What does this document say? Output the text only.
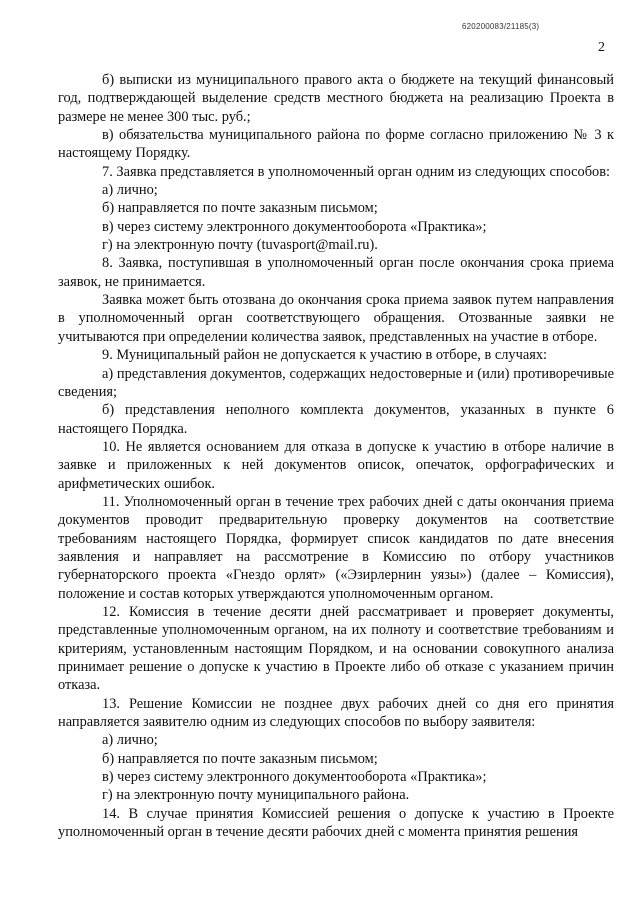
620200083/21185(3)
2

б) выписки из муниципального правого акта о бюджете на текущий финансовый год, подтверждающей выделение средств местного бюджета на реализацию Проекта в размере не менее 300 тыс. руб.;

в) обязательства муниципального района по форме согласно приложению № 3 к настоящему Порядку.

7. Заявка представляется в уполномоченный орган одним из следующих способов:

а) лично;

б) направляется по почте заказным письмом;

в) через систему электронного документооборота «Практика»;

г) на электронную почту (tuvasport@mail.ru).

8. Заявка, поступившая в уполномоченный орган после окончания срока приема заявок, не принимается.

Заявка может быть отозвана до окончания срока приема заявок путем направления в уполномоченный орган соответствующего обращения. Отозванные заявки не учитываются при определении количества заявок, представленных на участие в отборе.

9. Муниципальный район не допускается к участию в отборе, в случаях:

а) представления документов, содержащих недостоверные и (или) противоречивые сведения;

б) представления неполного комплекта документов, указанных в пункте 6 настоящего Порядка.

10. Не является основанием для отказа в допуске к участию в отборе наличие в заявке и приложенных к ней документов описок, опечаток, орфографических и арифметических ошибок.

11. Уполномоченный орган в течение трех рабочих дней с даты окончания приема документов проводит предварительную проверку документов на соответствие требованиям настоящего Порядка, формирует список кандидатов по дате внесения заявления и направляет на рассмотрение в Комиссию по отбору участников губернаторского проекта «Гнездо орлят» («Эзирлернин уязы») (далее – Комиссия), положение и состав которых утверждаются уполномоченным органом.

12. Комиссия в течение десяти дней рассматривает и проверяет документы, представленные уполномоченным органом, на их полноту и соответствие требованиям и критериям, установленным настоящим Порядком, и на основании совокупного анализа принимает решение о допуске к участию в Проекте либо об отказе с указанием причин отказа.

13. Решение Комиссии не позднее двух рабочих дней со дня его принятия направляется заявителю одним из следующих способов по выбору заявителя:

а) лично;

б) направляется по почте заказным письмом;

в) через систему электронного документооборота «Практика»;

г) на электронную почту муниципального района.

14. В случае принятия Комиссией решения о допуске к участию в Проекте уполномоченный орган в течение десяти рабочих дней с момента принятия решения
